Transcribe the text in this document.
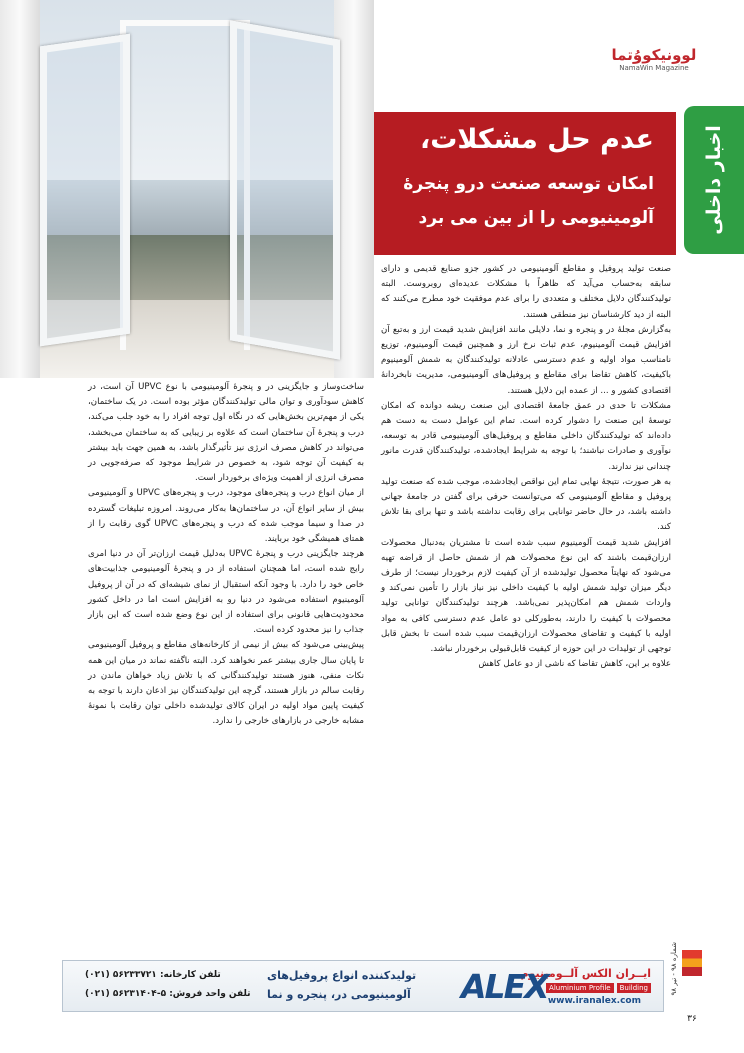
لوونیکووُتما
NamaWin Magazine
اخبار داخلی
عدم حل مشکلات،
امکان توسعه صنعت درو پنجرۀ
آلومینیومی را از بین می برد

صنعت تولید پروفیل و مقاطع آلومینیومی در کشور جزو صنایع قدیمی و دارای سابقه به‌حساب می‌آید که ظاهراً با مشکلات عدیده‌ای روبروست. البته تولیدکنندگان دلایل مختلف و متعددی را برای عدم موفقیت خود مطرح می‌کنند که البته از دید کارشناسان نیز منطقی هستند.

به‌گزارش مجلۀ در و پنجره و نما، دلایلی مانند افزایش شدید قیمت ارز و به‌تبع آن افزایش قیمت آلومینیوم، عدم ثبات نرخ ارز و همچنین قیمت آلومینیوم، توزیع نامناسب مواد اولیه و عدم دسترسی عادلانه تولیدکنندگان به شمش آلومینیوم باکیفیت، کاهش تقاضا برای مقاطع و پروفیل‌های آلومینیومی، مدیریت نابخردانۀ اقتصادی کشور و ... از عمده این دلایل هستند.

مشکلات تا حدی در عمق جامعۀ اقتصادی این صنعت ریشه دوانده که امکان توسعۀ این صنعت را دشوار کرده است. تمام این عوامل دست به دست هم داده‌اند که تولیدکنندگان داخلی مقاطع و پروفیل‌های آلومینیومی قادر به توسعه، نوآوری و صادرات نباشند؛ با توجه به شرایط ایجادشده، تولیدکنندگان قدرت مانور چندانی نیز ندارند.

به هر صورت، نتیجۀ نهایی تمام این نواقص ایجادشده، موجب شده که صنعت تولید پروفیل و مقاطع آلومینیومی که می‌توانست حرفی برای گفتن در جامعۀ جهانی داشته باشد، در حال حاضر توانایی برای رقابت نداشته باشد و تنها برای بقا تلاش کند.

افزایش شدید قیمت آلومینیوم سبب شده است تا مشتریان به‌دنبال محصولات ارزان‌قیمت باشند که این نوع محصولات هم از شمش حاصل از قراضه تهیه می‌شود که نهایتاً محصول تولیدشده از آن کیفیت لازم برخوردار نیست؛ از طرف دیگر میزان تولید شمش اولیه با کیفیت داخلی نیز نیاز بازار را تأمین نمی‌کند و واردات شمش هم امکان‌پذیر نمی‌باشد. هرچند تولیدکنندگان توانایی تولید محصولات با کیفیت را دارند، به‌طورکلی دو عامل عدم دسترسی کافی به مواد اولیه با کیفیت و تقاضای محصولات ارزان‌قیمت سبب شده است تا بخش قابل توجهی از تولیدات در این حوزه از کیفیت قابل‌قبولی برخوردار نباشد.

علاوه بر این، کاهش تقاضا که ناشی از دو عامل کاهش

ساخت‌وساز و جایگزینی در و پنجرۀ آلومینیومی با نوع UPVC آن است، در کاهش سودآوری و توان مالی تولیدکنندگان مؤثر بوده است. در یک ساختمان، یکی از مهم‌ترین بخش‌هایی که در نگاه اول توجه افراد را به خود جلب می‌کند، درب و پنجرۀ آن ساختمان است که علاوه بر زیبایی که به ساختمان می‌بخشد، می‌تواند در کاهش مصرف انرژی نیز تأثیرگذار باشد، به همین جهت باید بیشتر به کیفیت آن توجه شود، به خصوص در شرایط موجود که صرفه‌جویی در مصرف انرژی از اهمیت ویژه‌ای برخوردار است.

از میان انواع درب و پنجره‌های موجود، درب و پنجره‌های UPVC و آلومینیومی بیش از سایر انواع آن، در ساختمان‌ها به‌کار می‌روند. امروزه تبلیغات گسترده در صدا و سیما موجب شده که درب و پنجره‌های UPVC گوی رقابت را از همتای همیشگی خود بربایند.

هرچند جایگزینی درب و پنجرۀ UPVC به‌دلیل قیمت ارزان‌تر آن در دنیا امری رایج شده است، اما همچنان استفاده از در و پنجرۀ آلومینیومی جذابیت‌های خاص خود را دارد. با وجود آنکه استقبال از نمای شیشه‌ای که در آن از پروفیل آلومینیوم استفاده می‌شود در دنیا رو به افزایش است اما در داخل کشور محدودیت‌هایی قانونی برای استفاده از این نوع وضع شده است که این بازار جذاب را نیز محدود کرده است.

پیش‌بینی می‌شود که بیش از نیمی از کارخانه‌های مقاطع و پروفیل آلومینیومی تا پایان سال جاری بیشتر عمر نخواهند کرد. البته ناگفته نماند در میان این همه نکات منفی، هنوز هستند تولیدکنندگانی که با تلاش زیاد خواهان ماندن در رقابت سالم در بازار هستند، گرچه این تولیدکنندگان نیز اذعان دارند با توجه به کیفیت پایین مواد اولیه در ایران کالای تولیدشده داخلی توان رقابت با نمونۀ مشابه خارجی در بازارهای خارجی را ندارد.

ایــران الکس آلــومینیوم
Aluminium Profile	Building
www.iranalex.com
ALEX
تولیدکننده انواع پروفیل‌های
آلومینیومی در، پنجره و نما
تلفن کارخانه: ۵۶۲۳۳۷۲۱ (۰۲۱)
تلفن واحد فروش: ۵-۵۶۲۳۱۴۰۴ (۰۲۱)	شماره ۹۸ - تیر ۹۸
۳۶
